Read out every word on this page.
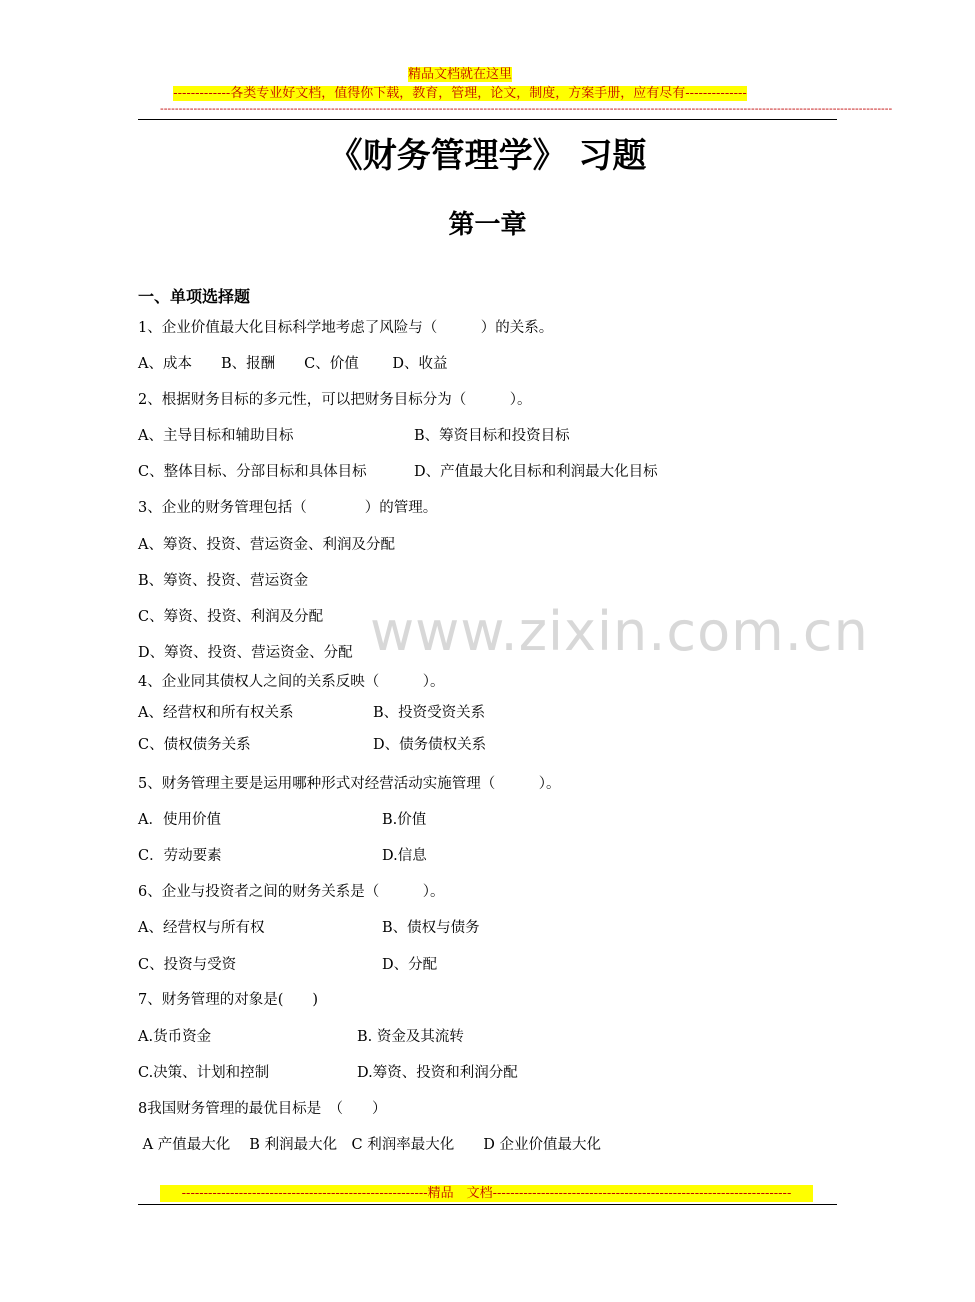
精品文档就在这里
-------------各类专业好文档，值得你下载，教育，管理，论文，制度，方案手册，应有尽有--------------
-----------------------------------------------------------------------------------------------------------------------------------------------------------------------------------------------------
《财务管理学》 习题
第一章
一、单项选择题
www.zixin.com.cn
1、企业价值最大化目标科学地考虑了风险与（　　　）的关系。
A、成本　　B、报酬　　C、价值　　 D、收益
2、根据财务目标的多元性，可以把财务目标分为（　　　）。
A、主导目标和辅助目标	B、筹资目标和投资目标
C、整体目标、分部目标和具体目标	D、产值最大化目标和利润最大化目标
3、企业的财务管理包括（　　　　）的管理。
A、筹资、投资、营运资金、利润及分配
B、筹资、投资、营运资金
C、筹资、投资、利润及分配
D、筹资、投资、营运资金、分配
4、企业同其债权人之间的关系反映（　　　）。
A、经营权和所有权关系	B、投资受资关系
C、债权债务关系	D、债务债权关系
5、财务管理主要是运用哪种形式对经营活动实施管理（　　　）。
A．使用价值	B.价值
C．劳动要素	D.信息
6、企业与投资者之间的财务关系是（　　　）。
A、经营权与所有权	B、债权与债务
C、投资与受资	D、分配
7、财务管理的对象是(　　)
A.货币资金	B. 资金及其流转
C.决策、计划和控制	D.筹资、投资和利润分配
8我国财务管理的最优目标是　（　　）
A 产值最大化　 B 利润最大化　C 利润率最大化　　D 企业价值最大化
--------------------------------------------------------精品　文档--------------------------------------------------------------------
